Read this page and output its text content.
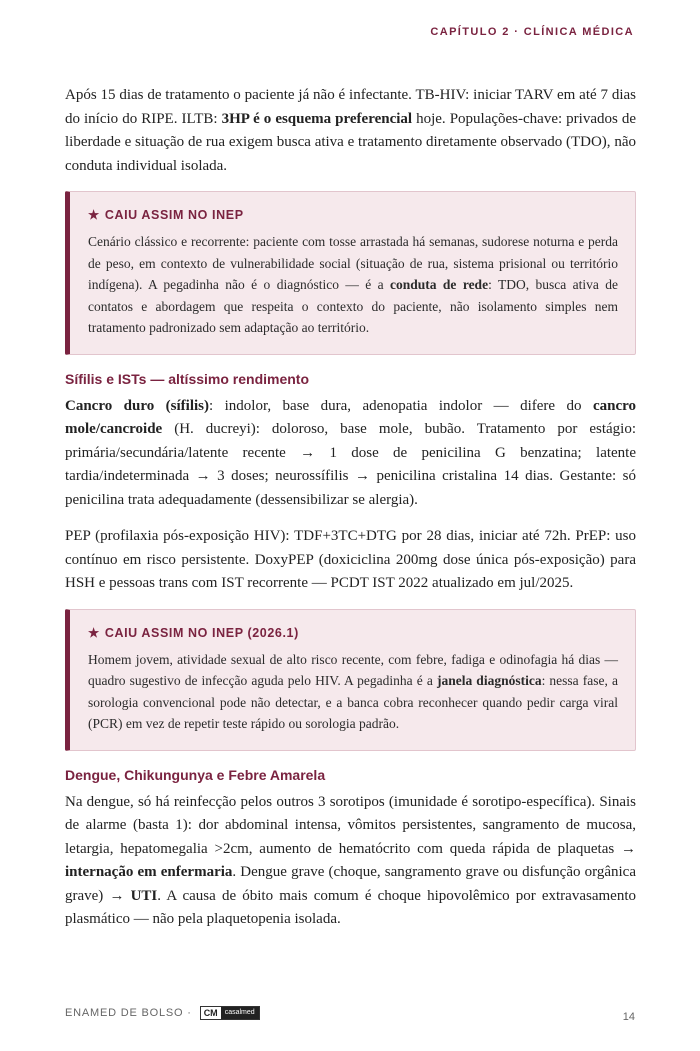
CAPÍTULO 2 · CLÍNICA MÉDICA

Após 15 dias de tratamento o paciente já não é infectante. TB-HIV: iniciar TARV em até 7 dias do início do RIPE. ILTB: 3HP é o esquema preferencial hoje. Populações-chave: privados de liberdade e situação de rua exigem busca ativa e tratamento diretamente observado (TDO), não conduta individual isolada.

★ CAIU ASSIM NO INEP

Cenário clássico e recorrente: paciente com tosse arrastada há semanas, sudorese noturna e perda de peso, em contexto de vulnerabilidade social (situação de rua, sistema prisional ou território indígena). A pegadinha não é o diagnóstico — é a conduta de rede: TDO, busca ativa de contatos e abordagem que respeita o contexto do paciente, não isolamento simples nem tratamento padronizado sem adaptação ao território.

Sífilis e ISTs — altíssimo rendimento

Cancro duro (sífilis): indolor, base dura, adenopatia indolor — difere do cancro mole/cancroide (H. ducreyi): doloroso, base mole, bubão. Tratamento por estágio: primária/secundária/latente recente → 1 dose de penicilina G benzatina; latente tardia/indeterminada → 3 doses; neurossífilis → penicilina cristalina 14 dias. Gestante: só penicilina trata adequadamente (dessensibilizar se alergia).

PEP (profilaxia pós-exposição HIV): TDF+3TC+DTG por 28 dias, iniciar até 72h. PrEP: uso contínuo em risco persistente. DoxyPEP (doxiciclina 200mg dose única pós-exposição) para HSH e pessoas trans com IST recorrente — PCDT IST 2022 atualizado em jul/2025.

★ CAIU ASSIM NO INEP (2026.1)

Homem jovem, atividade sexual de alto risco recente, com febre, fadiga e odinofagia há dias — quadro sugestivo de infecção aguda pelo HIV. A pegadinha é a janela diagnóstica: nessa fase, a sorologia convencional pode não detectar, e a banca cobra reconhecer quando pedir carga viral (PCR) em vez de repetir teste rápido ou sorologia padrão.

Dengue, Chikungunya e Febre Amarela

Na dengue, só há reinfecção pelos outros 3 sorotipos (imunidade é sorotipo-específica). Sinais de alarme (basta 1): dor abdominal intensa, vômitos persistentes, sangramento de mucosa, letargia, hepatomegalia >2cm, aumento de hematócrito com queda rápida de plaquetas → internação em enfermaria. Dengue grave (choque, sangramento grave ou disfunção orgânica grave) → UTI. A causa de óbito mais comum é choque hipovolêmico por extravasamento plasmático — não pela plaquetopenia isolada.

ENAMED DE BOLSO ·	CM	casalmed	14
